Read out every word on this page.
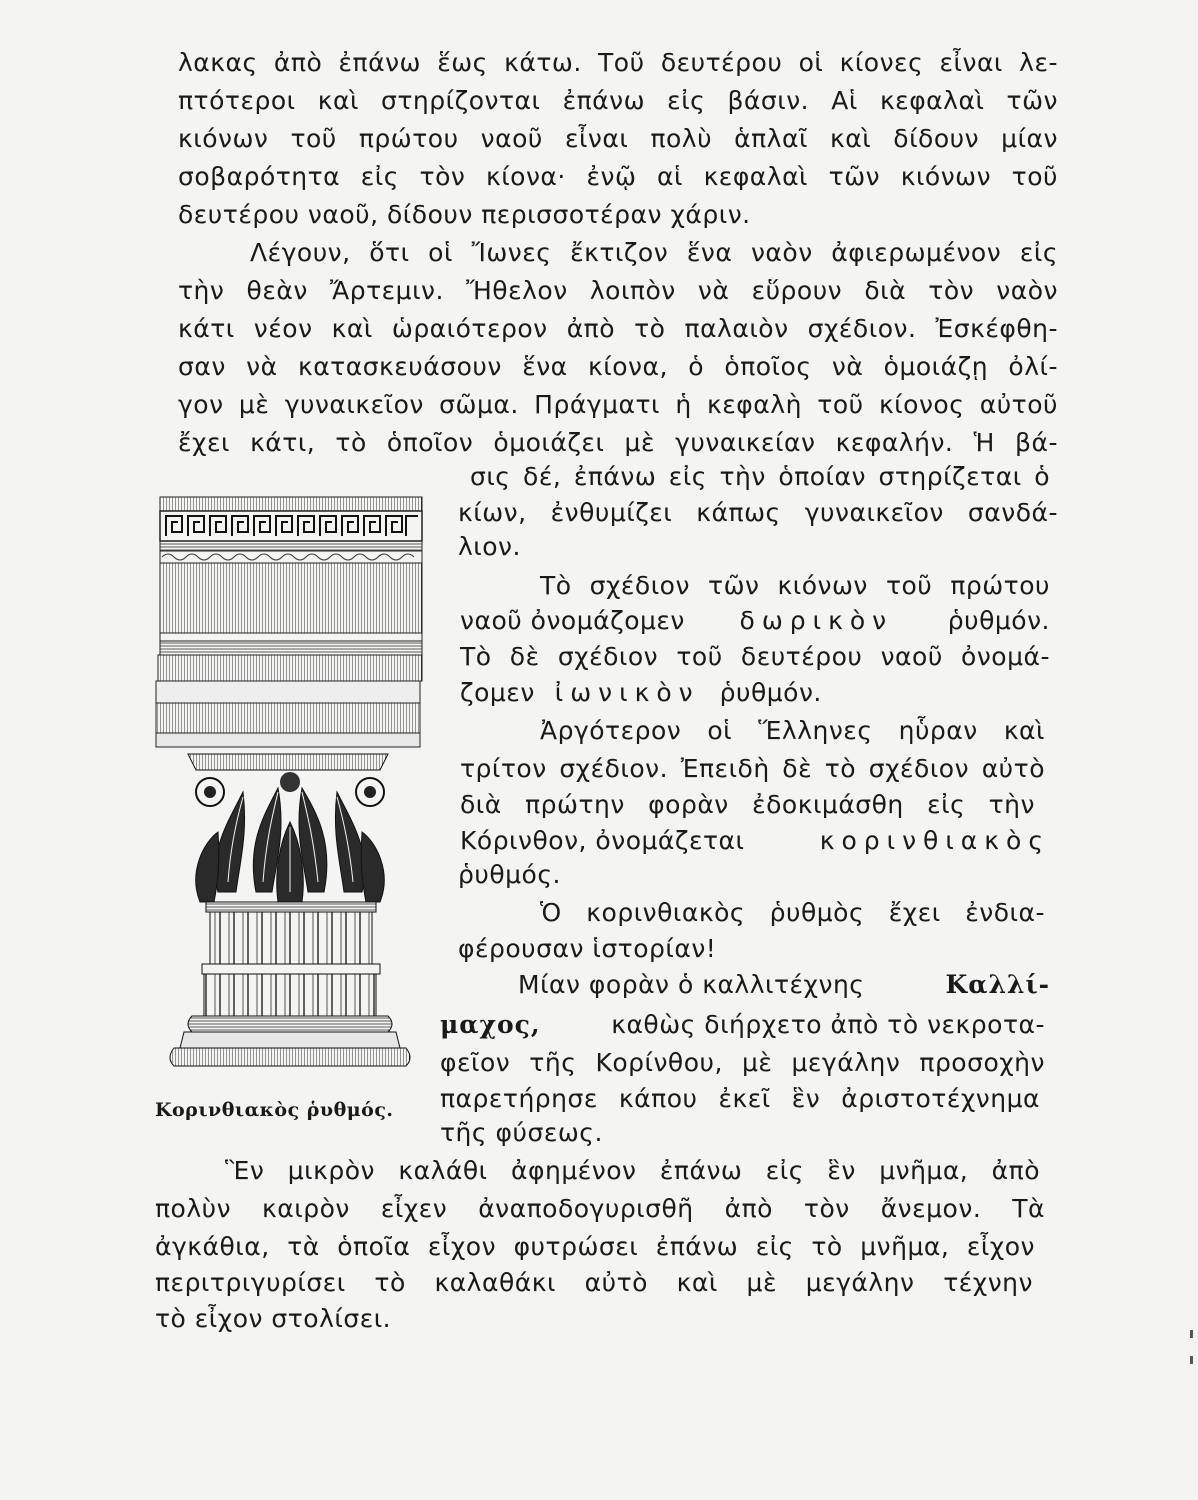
λακας ἀπὸ ἐπάνω ἕως κάτω. Τοῦ δευτέρου οἱ κίονες εἶναι λε-

πτότεροι καὶ στηρίζονται ἐπάνω εἰς βάσιν. Αἱ κεφαλαὶ τῶν

κιόνων τοῦ πρώτου ναοῦ εἶναι πολὺ ἁπλαῖ καὶ δίδουν μίαν

σοβαρότητα εἰς τὸν κίονα· ἐνῷ αἱ κεφαλαὶ τῶν κιόνων τοῦ

δευτέρου ναοῦ, δίδουν περισσοτέραν χάριν.

Λέγουν, ὅτι οἱ Ἴωνες ἔκτιζον ἕνα ναὸν ἀφιερωμένον εἰς

τὴν θεὰν Ἄρτεμιν. Ἤθελον λοιπὸν νὰ εὕρουν διὰ τὸν ναὸν

κάτι νέον καὶ ὡραιότερον ἀπὸ τὸ παλαιὸν σχέδιον. Ἐσκέφθη-

σαν νὰ κατασκευάσουν ἕνα κίονα, ὁ ὁποῖος νὰ ὁμοιάζῃ ὀλί-

γον μὲ γυναικεῖον σῶμα. Πράγματι ἡ κεφαλὴ τοῦ κίονος αὐτοῦ

ἔχει κάτι, τὸ ὁποῖον ὁμοιάζει μὲ γυναικείαν κεφαλήν. Ἡ βά-

σις δέ, ἐπάνω εἰς τὴν ὁποίαν στηρίζεται ὁ

κίων, ἐνθυμίζει κάπως γυναικεῖον σανδά-

λιον.

Τὸ σχέδιον τῶν κιόνων τοῦ πρώτου

ναοῦ ὀνομάζομεν δωρικὸν ῥυθμόν.

Τὸ δὲ σχέδιον τοῦ δευτέρου ναοῦ ὀνομά-

ζομεν ἰωνικὸν ῥυθμόν.

Ἀργότερον οἱ Ἕλληνες ηὗραν καὶ

τρίτον σχέδιον. Ἐπειδὴ δὲ τὸ σχέδιον αὐτὸ

διὰ πρώτην φορὰν ἐδοκιμάσθη εἰς τὴν

Κόρινθον, ὀνομάζεται	κορινθιακὸς

ῥυθμός.

Ὁ κορινθιακὸς ῥυθμὸς ἔχει ἐνδια-

φέρουσαν ἱστορίαν!

Μίαν φορὰν ὁ καλλιτέχνης	Καλλί-
μαχος,	καθὼς διήρχετο ἀπὸ τὸ νεκροτα-

φεῖον τῆς Κορίνθου, μὲ μεγάλην προσοχὴν

παρετήρησε κάπου ἐκεῖ ἓν ἀριστοτέχνημα

τῆς φύσεως.

Ἓν μικρὸν καλάθι ἀφημένον ἐπάνω εἰς ἓν μνῆμα, ἀπὸ

πολὺν καιρὸν εἶχεν ἀναποδογυρισθῆ ἀπὸ τὸν ἄνεμον. Τὰ

ἀγκάθια, τὰ ὁποῖα εἶχον φυτρώσει ἐπάνω εἰς τὸ μνῆμα, εἶχον

περιτριγυρίσει τὸ καλαθάκι αὐτὸ καὶ μὲ μεγάλην τέχνην

τὸ εἶχον στολίσει.

Κορινθιακὸς ῥυθμός.
